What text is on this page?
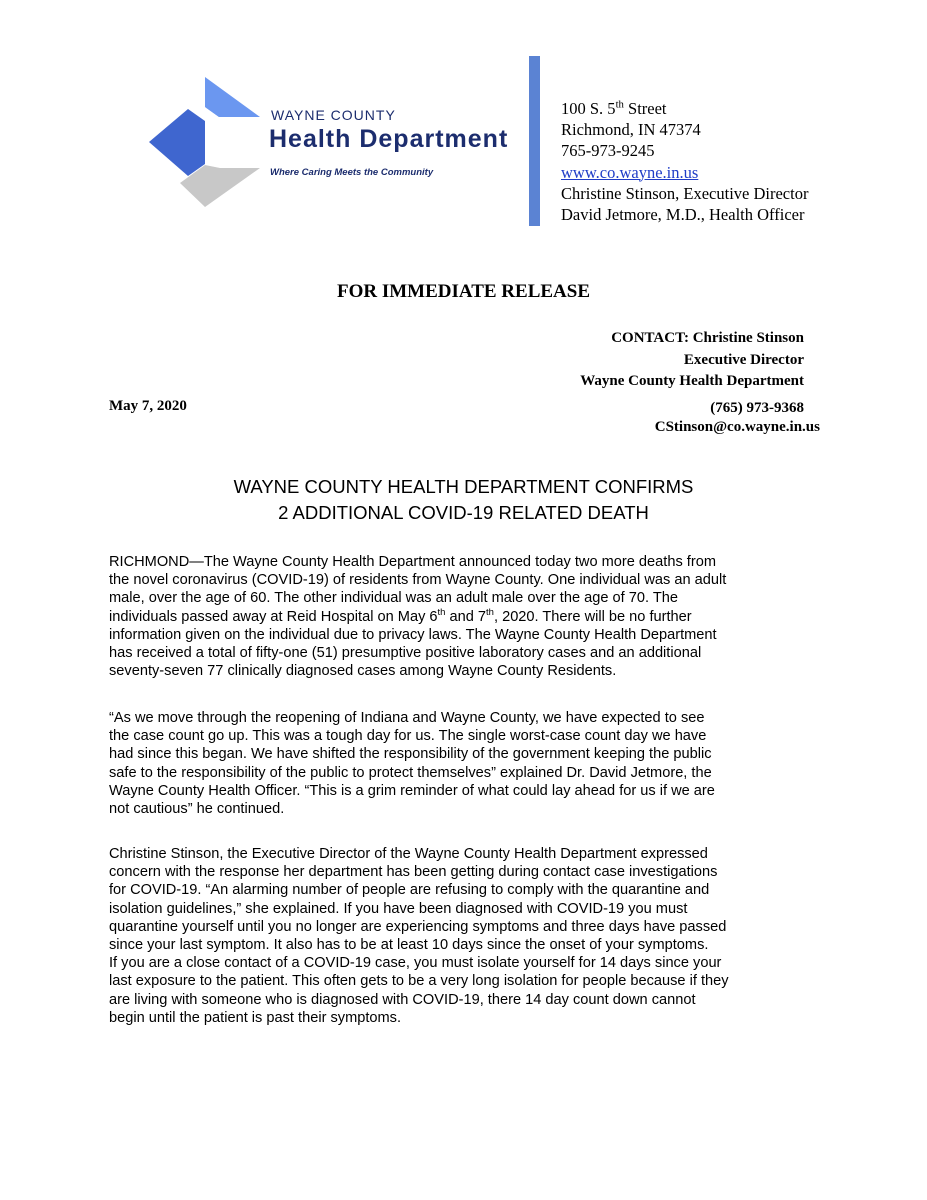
WAYNE COUNTY
Health Department
Where Caring Meets the Community
100 S. 5th Street
Richmond, IN 47374
765-973-9245
www.co.wayne.in.us
Christine Stinson, Executive Director
David Jetmore, M.D., Health Officer
FOR IMMEDIATE RELEASE
CONTACT: Christine Stinson
Executive Director
Wayne County Health Department
May 7, 2020	(765) 973-9368
CStinson@co.wayne.in.us
WAYNE COUNTY HEALTH DEPARTMENT CONFIRMS
2 ADDITIONAL COVID-19 RELATED DEATH
RICHMOND—The Wayne County Health Department announced today two more deaths from
the novel coronavirus (COVID-19) of residents from Wayne County. One individual was an adult
male, over the age of 60. The other individual was an adult male over the age of 70. The
individuals passed away at Reid Hospital on May 6th and 7th, 2020. There will be no further
information given on the individual due to privacy laws. The Wayne County Health Department
has received a total of fifty-one (51) presumptive positive laboratory cases and an additional
seventy-seven 77 clinically diagnosed cases among Wayne County Residents.
“As we move through the reopening of Indiana and Wayne County, we have expected to see
the case count go up. This was a tough day for us. The single worst-case count day we have
had since this began. We have shifted the responsibility of the government keeping the public
safe to the responsibility of the public to protect themselves” explained Dr. David Jetmore, the
Wayne County Health Officer. “This is a grim reminder of what could lay ahead for us if we are
not cautious” he continued.
Christine Stinson, the Executive Director of the Wayne County Health Department expressed
concern with the response her department has been getting during contact case investigations
for COVID-19. “An alarming number of people are refusing to comply with the quarantine and
isolation guidelines,” she explained. If you have been diagnosed with COVID-19 you must
quarantine yourself until you no longer are experiencing symptoms and three days have passed
since your last symptom. It also has to be at least 10 days since the onset of your symptoms.
If you are a close contact of a COVID-19 case, you must isolate yourself for 14 days since your
last exposure to the patient. This often gets to be a very long isolation for people because if they
are living with someone who is diagnosed with COVID-19, there 14 day count down cannot
begin until the patient is past their symptoms.
